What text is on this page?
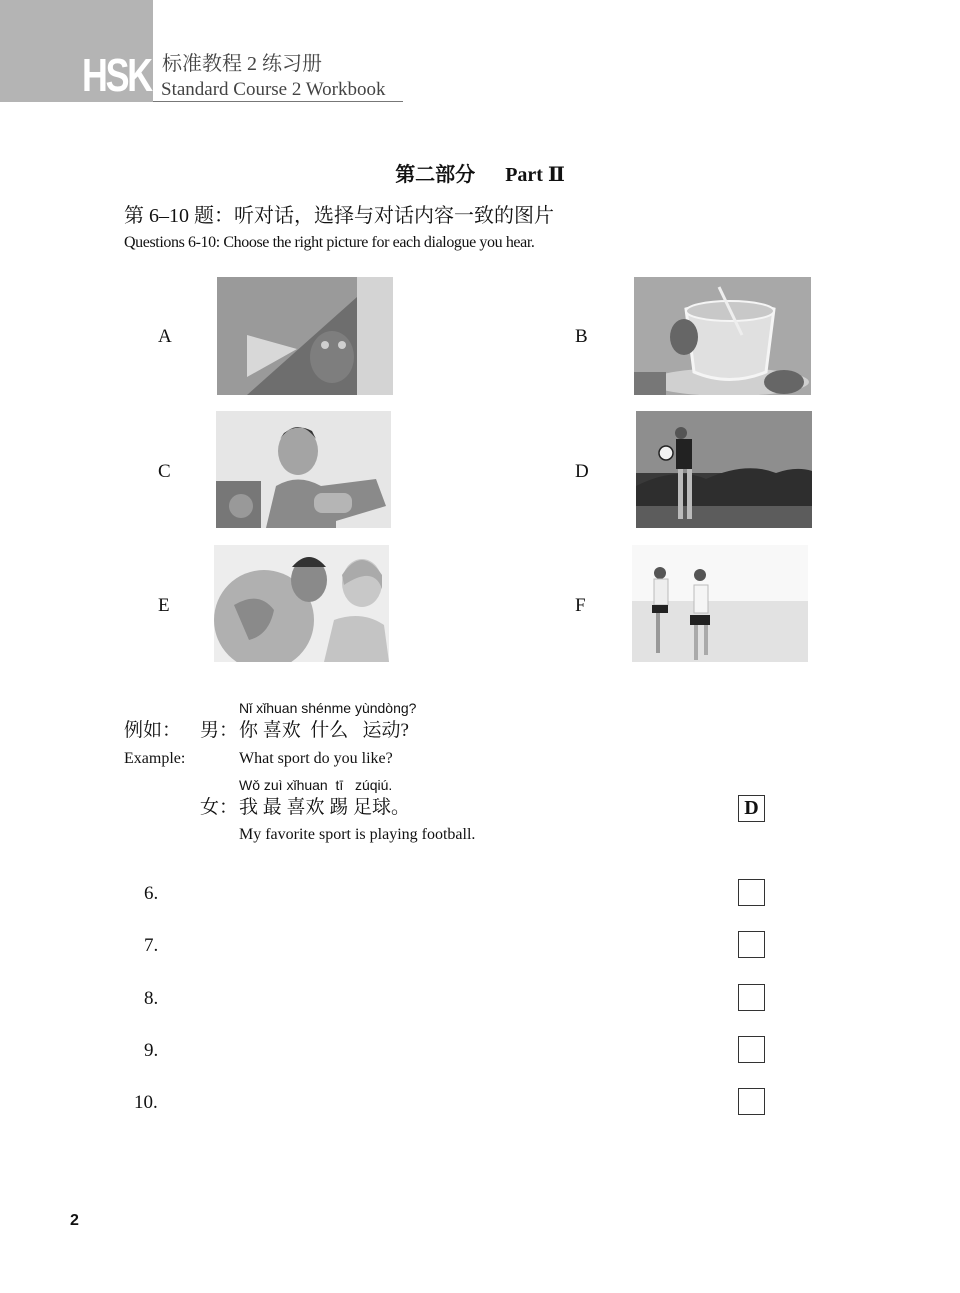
HSK 标准教程 2 练习册
Standard Course 2 Workbook
第二部分 Part Ⅱ
第 6–10 题：听对话，选择与对话内容一致的图片
Questions 6-10: Choose the right picture for each dialogue you hear.
A	B
C	D
E	F
Nǐ xǐhuan shénme yùndòng?
例如： 男： 你 喜欢  什么   运动?
Example:	What sport do you like?
Wǒ zuì xǐhuan  tī   zúqiú.
女： 我 最 喜欢 踢 足球。
My favorite sport is playing football.
D
6.
7.
8.
9.
10.
2
